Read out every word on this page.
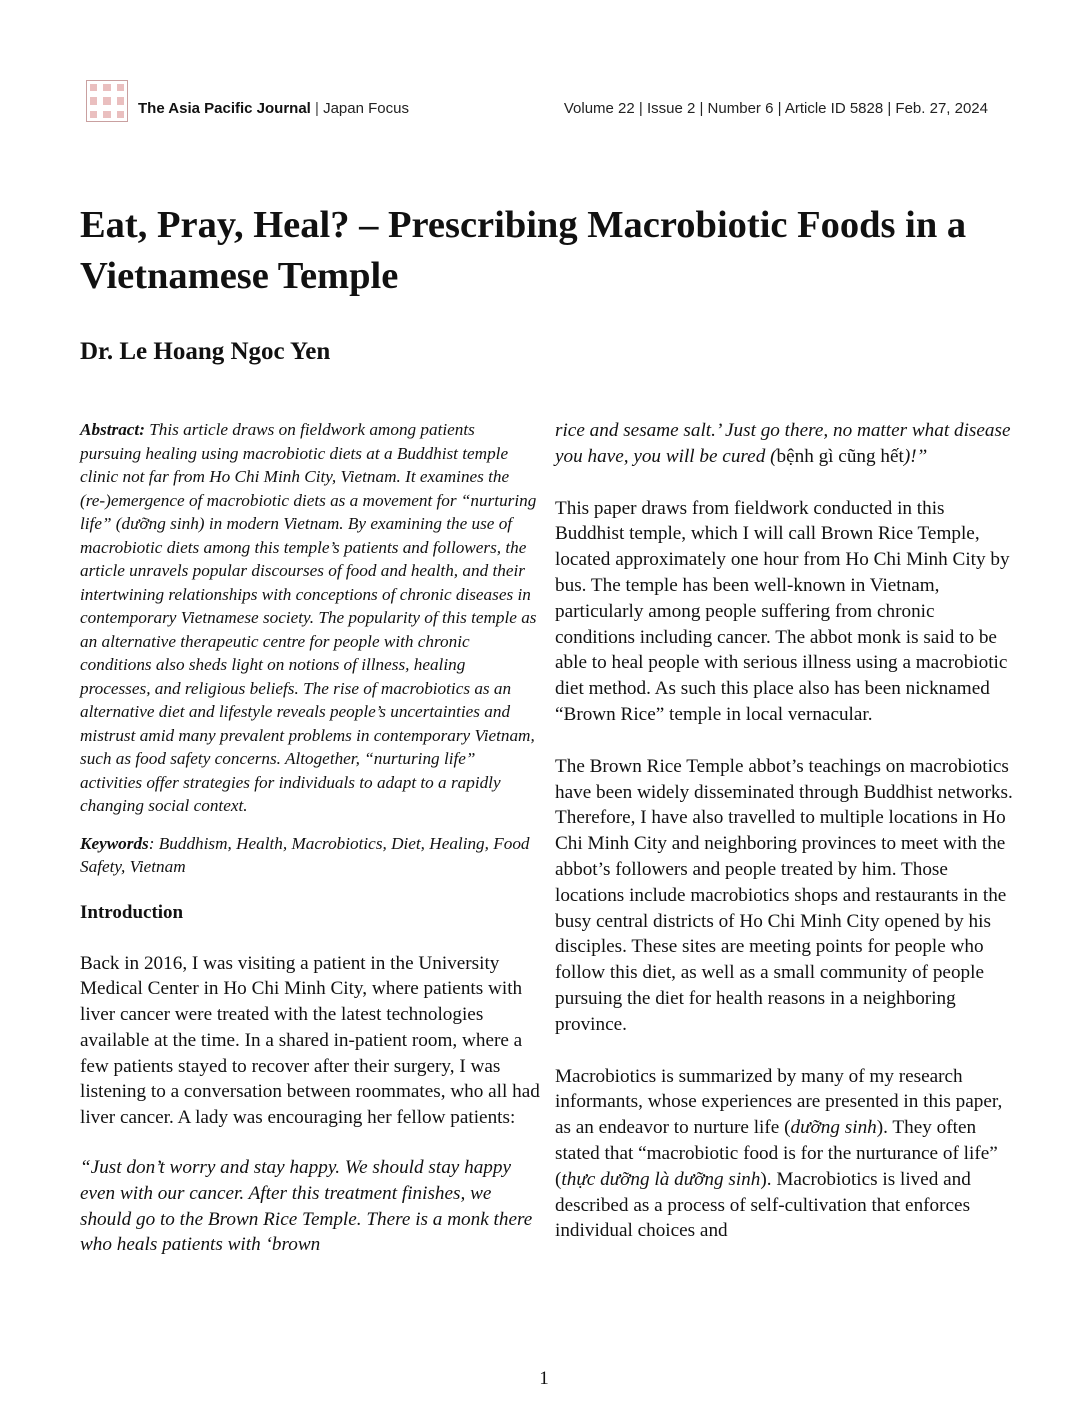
The Asia Pacific Journal | Japan Focus	Volume 22 | Issue 2 | Number 6 | Article ID 5828 | Feb. 27, 2024
Eat, Pray, Heal? – Prescribing Macrobiotic Foods in a Vietnamese Temple
Dr. Le Hoang Ngoc Yen

Abstract: This article draws on fieldwork among patients pursuing healing using macrobiotic diets at a Buddhist temple clinic not far from Ho Chi Minh City, Vietnam. It examines the (re-)emergence of macrobiotic diets as a movement for “nurturing life” (dưỡng sinh) in modern Vietnam. By examining the use of macrobiotic diets among this temple’s patients and followers, the article unravels popular discourses of food and health, and their intertwining relationships with conceptions of chronic diseases in contemporary Vietnamese society. The popularity of this temple as an alternative therapeutic centre for people with chronic conditions also sheds light on notions of illness, healing processes, and religious beliefs. The rise of macrobiotics as an alternative diet and lifestyle reveals people’s uncertainties and mistrust amid many prevalent problems in contemporary Vietnam, such as food safety concerns. Altogether, “nurturing life” activities offer strategies for individuals to adapt to a rapidly changing social context.

Keywords: Buddhism, Health, Macrobiotics, Diet, Healing, Food Safety, Vietnam

Introduction

Back in 2016, I was visiting a patient in the University Medical Center in Ho Chi Minh City, where patients with liver cancer were treated with the latest technologies available at the time. In a shared in-patient room, where a few patients stayed to recover after their surgery, I was listening to a conversation between roommates, who all had liver cancer. A lady was encouraging her fellow patients:

“Just don’t worry and stay happy. We should stay happy even with our cancer. After this treatment finishes, we should go to the Brown Rice Temple. There is a monk there who heals patients with ‘brown

rice and sesame salt.’ Just go there, no matter what disease you have, you will be cured (bệnh gì cũng hết)!”

This paper draws from fieldwork conducted in this Buddhist temple, which I will call Brown Rice Temple, located approximately one hour from Ho Chi Minh City by bus. The temple has been well-known in Vietnam, particularly among people suffering from chronic conditions including cancer. The abbot monk is said to be able to heal people with serious illness using a macrobiotic diet method. As such this place also has been nicknamed “Brown Rice” temple in local vernacular.

The Brown Rice Temple abbot’s teachings on macrobiotics have been widely disseminated through Buddhist networks. Therefore, I have also travelled to multiple locations in Ho Chi Minh City and neighboring provinces to meet with the abbot’s followers and people treated by him. Those locations include macrobiotics shops and restaurants in the busy central districts of Ho Chi Minh City opened by his disciples. These sites are meeting points for people who follow this diet, as well as a small community of people pursuing the diet for health reasons in a neighboring province.

Macrobiotics is summarized by many of my research informants, whose experiences are presented in this paper, as an endeavor to nurture life (dưỡng sinh). They often stated that “macrobiotic food is for the nurturance of life” (thực dưỡng là dưỡng sinh). Macrobiotics is lived and described as a process of self-cultivation that enforces individual choices and

1
